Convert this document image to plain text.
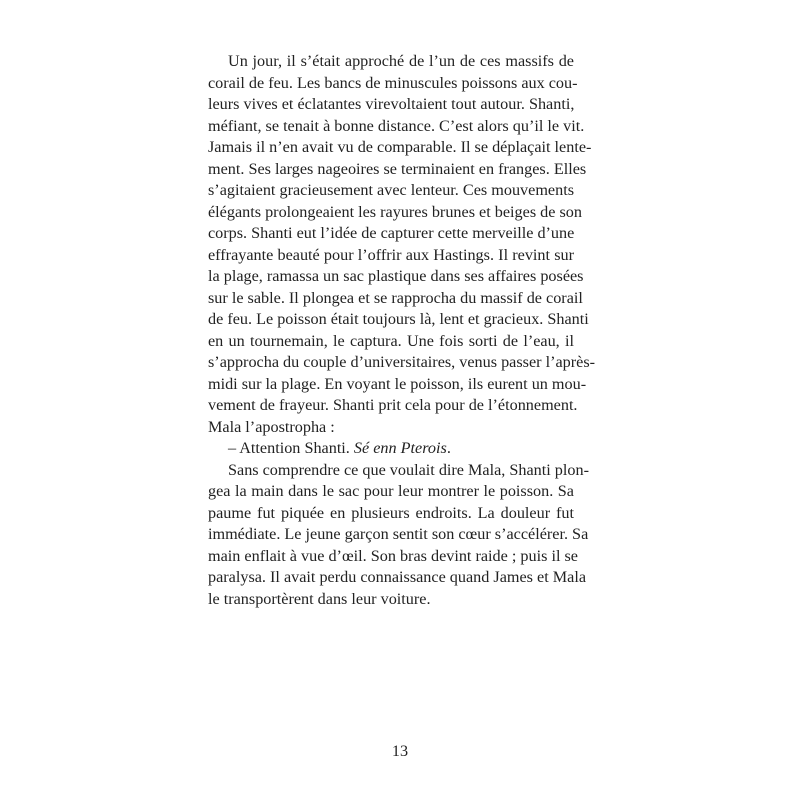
Un jour, il s’était approché de l’un de ces massifs de
corail de feu. Les bancs de minuscules poissons aux cou-
leurs vives et éclatantes virevoltaient tout autour. Shanti,
méfiant, se tenait à bonne distance. C’est alors qu’il le vit.
Jamais il n’en avait vu de comparable. Il se déplaçait lente-
ment. Ses larges nageoires se terminaient en franges. Elles
s’agitaient gracieusement avec lenteur. Ces mouvements
élégants prolongeaient les rayures brunes et beiges de son
corps. Shanti eut l’idée de capturer cette merveille d’une
effrayante beauté pour l’offrir aux Hastings. Il revint sur
la plage, ramassa un sac plastique dans ses affaires posées
sur le sable. Il plongea et se rapprocha du massif de corail
de feu. Le poisson était toujours là, lent et gracieux. Shanti
en un tournemain, le captura. Une fois sorti de l’eau, il
s’approcha du couple d’universitaires, venus passer l’après-
midi sur la plage. En voyant le poisson, ils eurent un mou-
vement de frayeur. Shanti prit cela pour de l’étonnement.
Mala l’apostropha :
– Attention Shanti. Sé enn Pterois.
Sans comprendre ce que voulait dire Mala, Shanti plon-
gea la main dans le sac pour leur montrer le poisson. Sa
paume fut piquée en plusieurs endroits. La douleur fut
immédiate. Le jeune garçon sentit son cœur s’accélérer. Sa
main enflait à vue d’œil. Son bras devint raide ; puis il se
paralysa. Il avait perdu connaissance quand James et Mala
le transportèrent dans leur voiture.
13
